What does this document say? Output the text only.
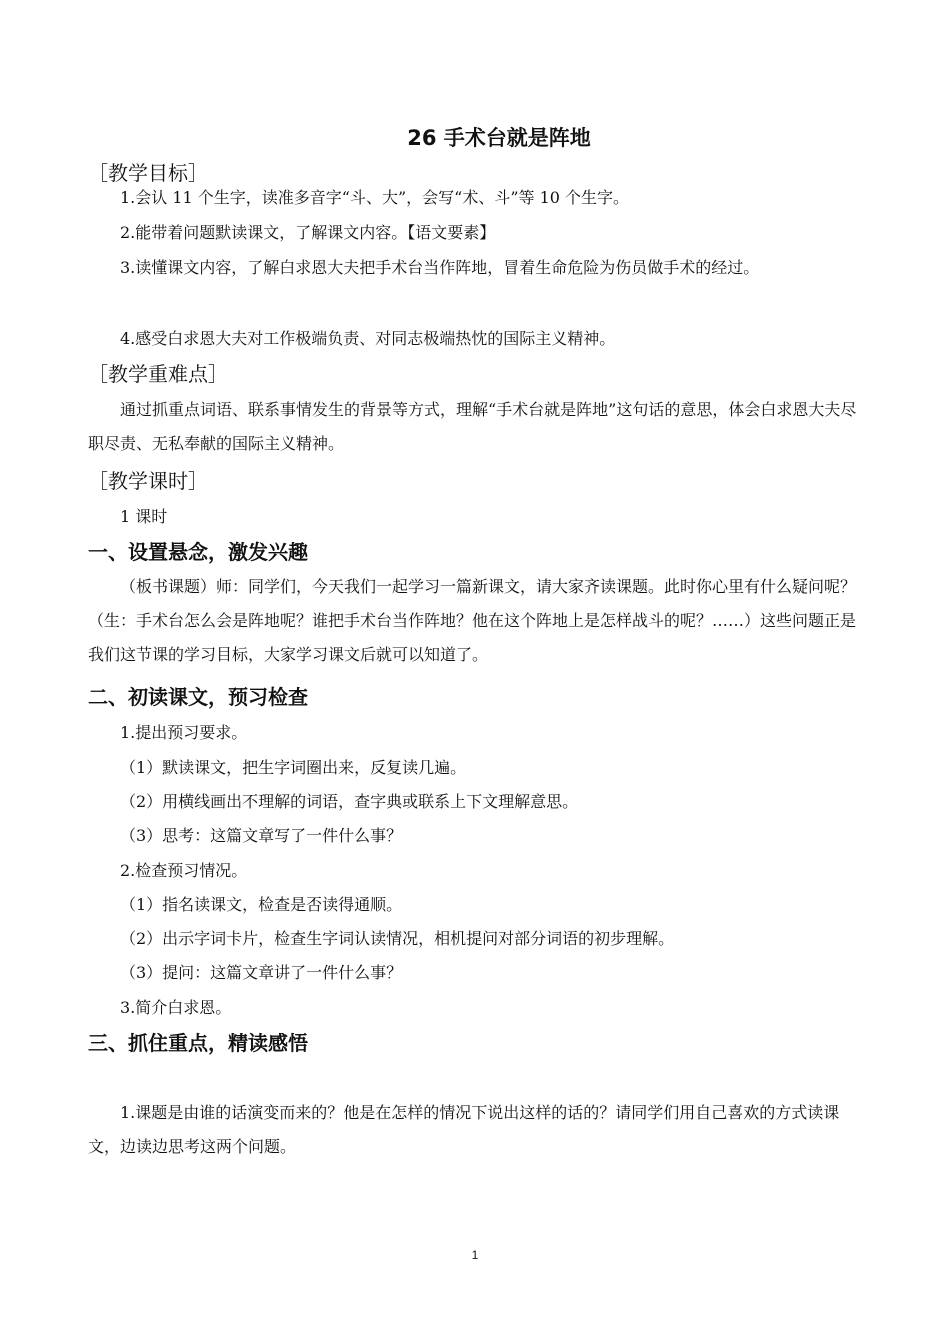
26 手术台就是阵地
［教学目标］
1.会认 11 个生字，读准多音字“斗、大”，会写“术、斗”等 10 个生字。
2.能带着问题默读课文，了解课文内容。【语文要素】
3.读懂课文内容，了解白求恩大夫把手术台当作阵地，冒着生命危险为伤员做手术的经过。
4.感受白求恩大夫对工作极端负责、对同志极端热忱的国际主义精神。
［教学重难点］
通过抓重点词语、联系事情发生的背景等方式，理解“手术台就是阵地”这句话的意思，体会白求恩大夫尽职尽责、无私奉献的国际主义精神。
［教学课时］
1 课时
一、设置悬念，激发兴趣
（板书课题）师：同学们，今天我们一起学习一篇新课文，请大家齐读课题。此时你心里有什么疑问呢？（生：手术台怎么会是阵地呢？谁把手术台当作阵地？他在这个阵地上是怎样战斗的呢？……）这些问题正是我们这节课的学习目标，大家学习课文后就可以知道了。
二、初读课文，预习检查
1.提出预习要求。
（1）默读课文，把生字词圈出来，反复读几遍。
（2）用横线画出不理解的词语，查字典或联系上下文理解意思。
（3）思考：这篇文章写了一件什么事？
2.检查预习情况。
（1）指名读课文，检查是否读得通顺。
（2）出示字词卡片，检查生字词认读情况，相机提问对部分词语的初步理解。
（3）提问：这篇文章讲了一件什么事？
3.简介白求恩。
三、抓住重点，精读感悟
1.课题是由谁的话演变而来的？他是在怎样的情况下说出这样的话的？请同学们用自己喜欢的方式读课文，边读边思考这两个问题。
1
